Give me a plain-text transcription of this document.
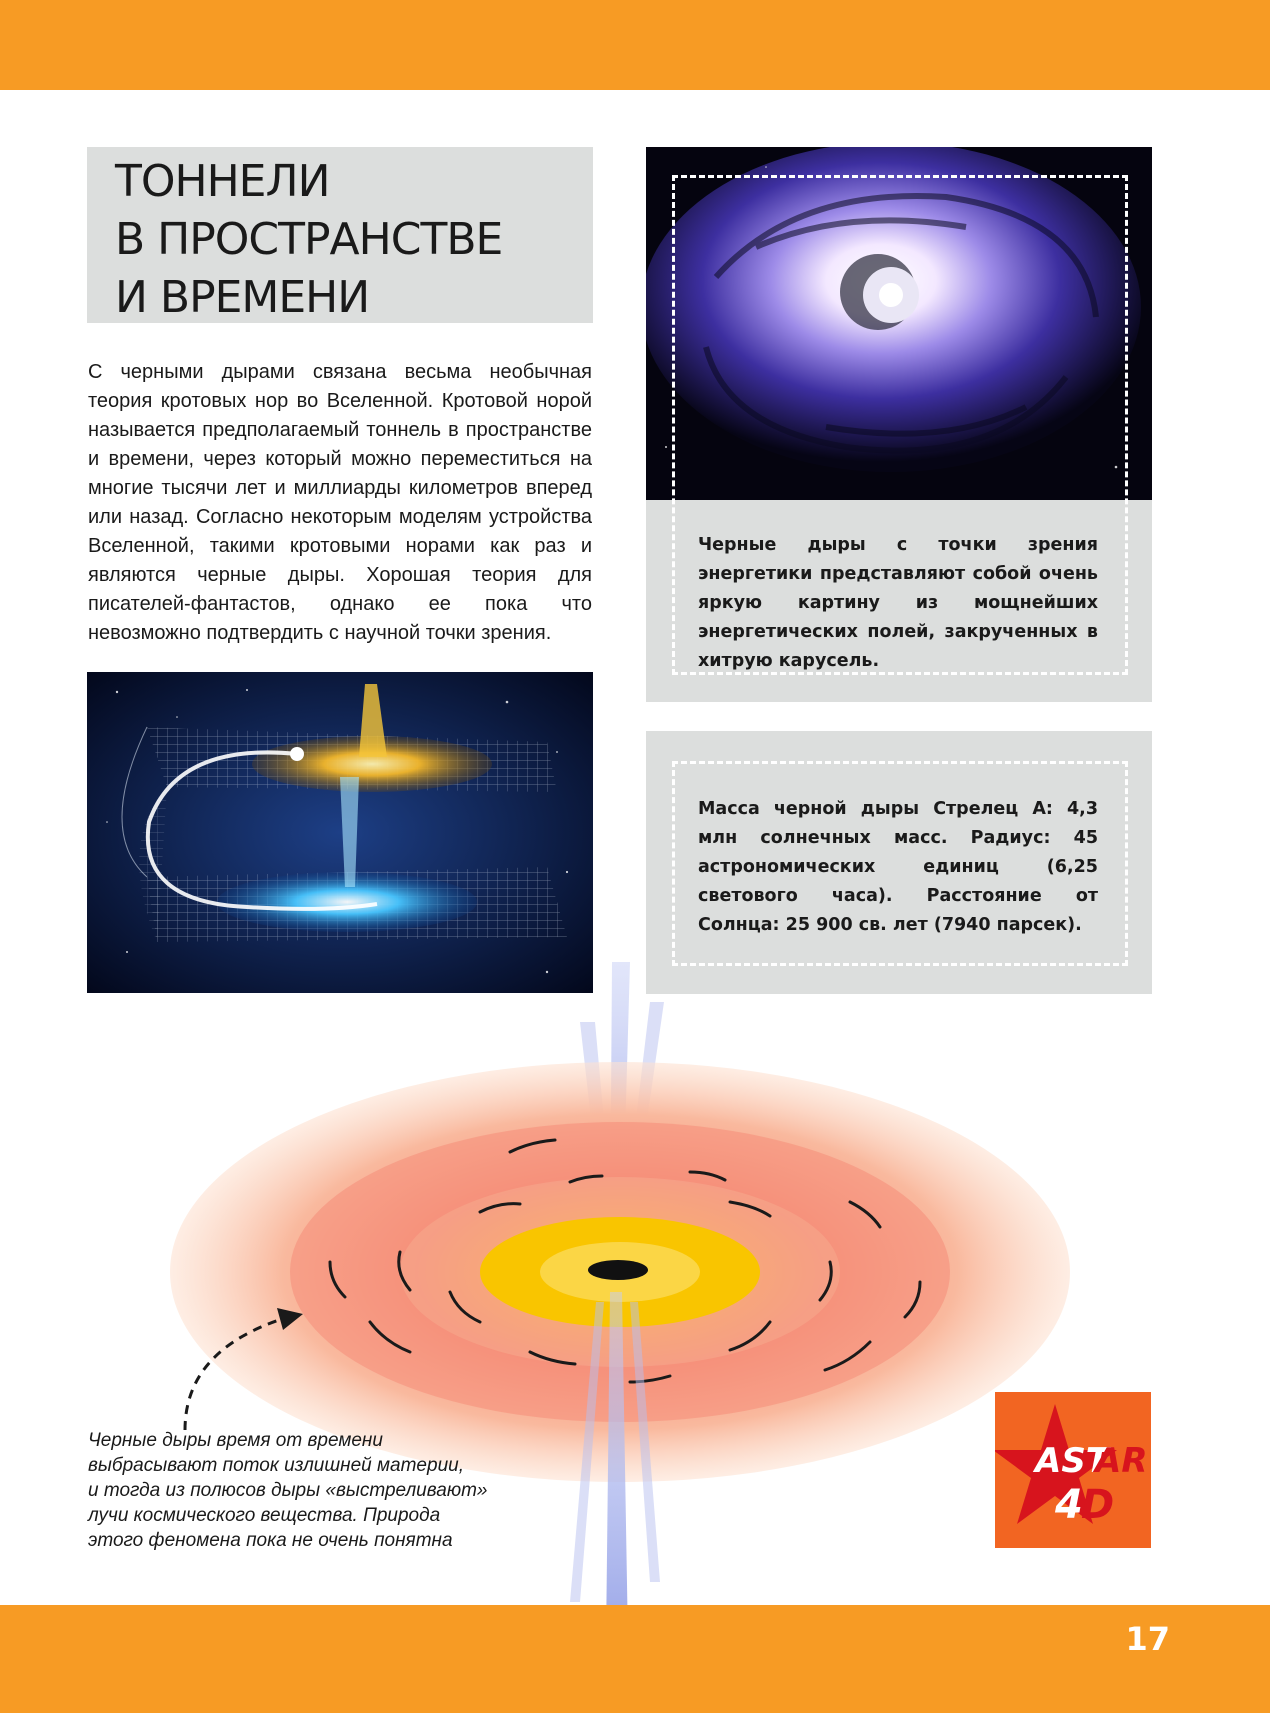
ТОННЕЛИ
В ПРОСТРАНСТВЕ
И ВРЕМЕНИ

С черными дырами связана весьма необычная теория кротовых нор во Вселенной. Кротовой норой называется предполагаемый тоннель в пространстве и времени, через который можно переместиться на многие тысячи лет и миллиарды километров вперед или назад. Согласно некоторым моделям устройства Вселенной, такими кротовыми норами как раз и являются черные дыры. Хорошая теория для писателей-фантастов, однако ее пока что невозможно подтвердить с научной точки зрения.

Черные дыры с точки зрения энергетики представляют собой очень яркую картину из мощнейших энергетических полей, закрученных в хитрую карусель.

Масса черной дыры Стрелец А: 4,3 млн солнечных масс. Радиус: 45 астрономических единиц (6,25 светового часа). Расстояние от Солнца: 25 900 св. лет (7940 парсек).

Черные дыры время от времени
выбрасывают поток излишней материи,
и тогда из полюсов дыры «выстреливают»
лучи космического вещества. Природа
этого феномена пока не очень понятна
AST
AR
4
D
17
